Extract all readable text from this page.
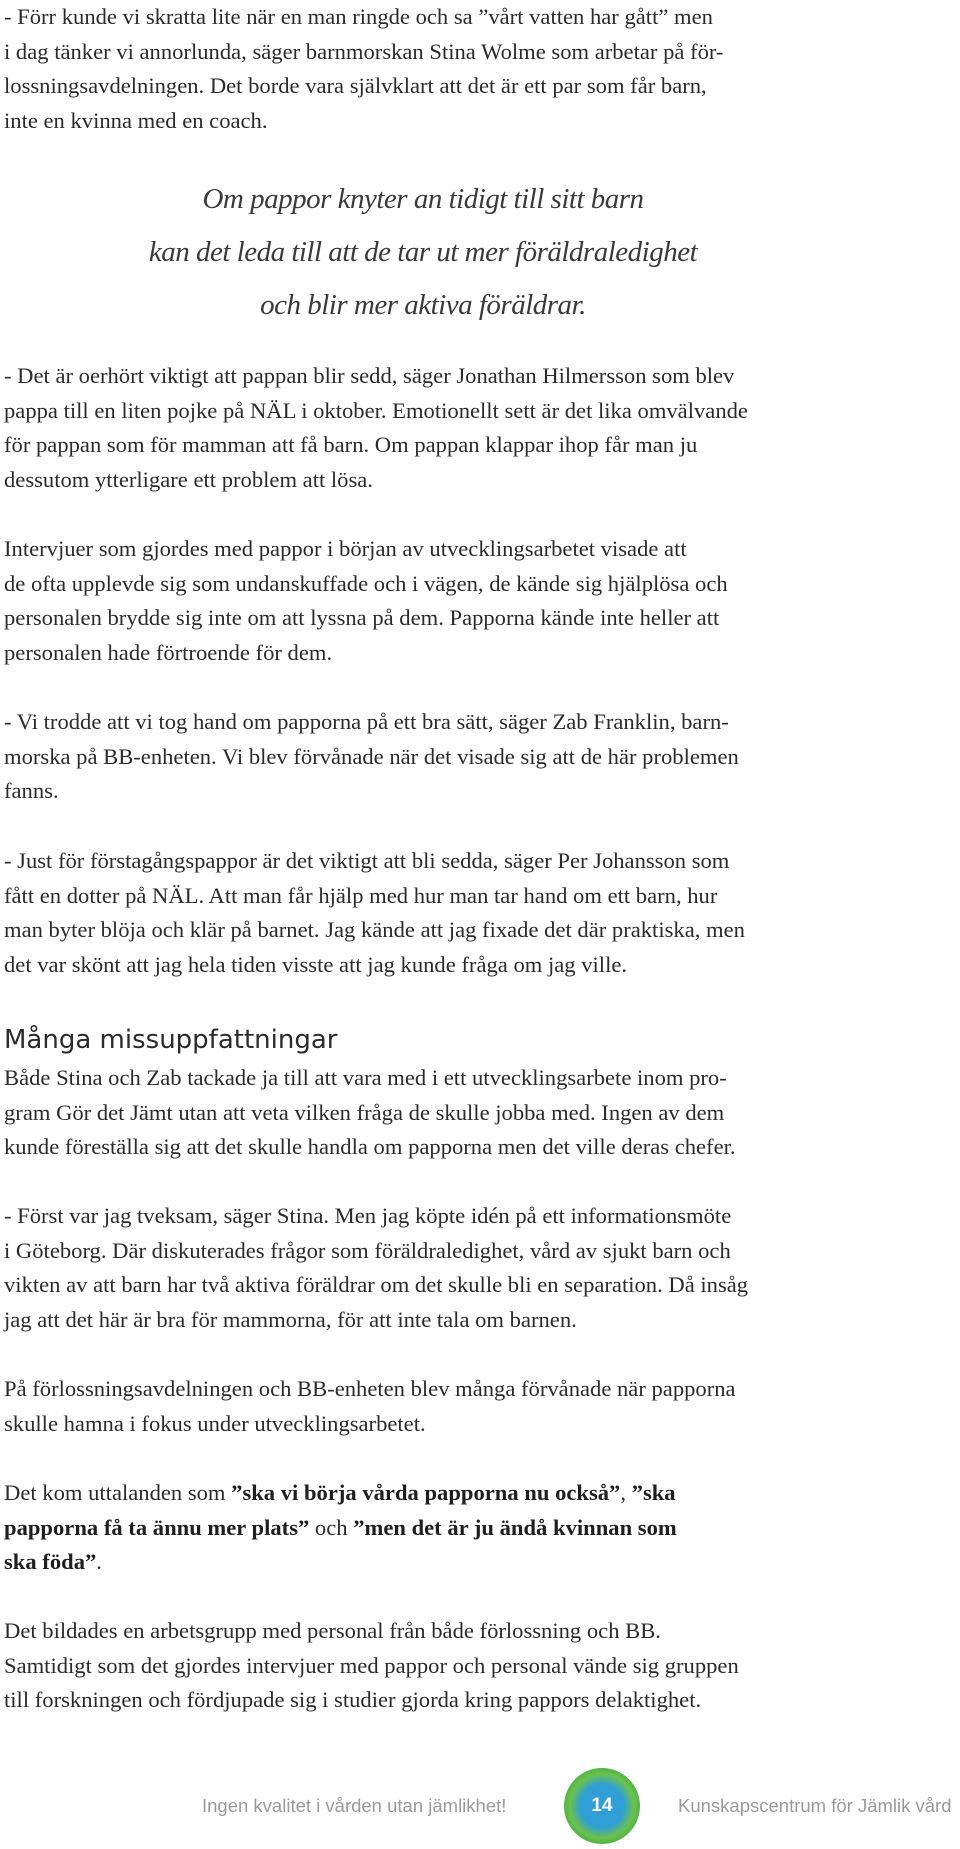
- Förr kunde vi skratta lite när en man ringde och sa ”vårt vatten har gått” men
i dag tänker vi annorlunda, säger barnmorskan Stina Wolme som arbetar på för-
lossningsavdelningen. Det borde vara självklart att det är ett par som får barn,
inte en kvinna med en coach.
Om pappor knyter an tidigt till sitt barn
kan det leda till att de tar ut mer föräldraledighet
och blir mer aktiva föräldrar.
- Det är oerhört viktigt att pappan blir sedd, säger Jonathan Hilmersson som blev
pappa till en liten pojke på NÄL i oktober. Emotionellt sett är det lika omvälvande
för pappan som för mamman att få barn. Om pappan klappar ihop får man ju
dessutom ytterligare ett problem att lösa.
Intervjuer som gjordes med pappor i början av utvecklingsarbetet visade att
de ofta upplevde sig som undanskuffade och i vägen, de kände sig hjälplösa och
personalen brydde sig inte om att lyssna på dem. Papporna kände inte heller att
personalen hade förtroende för dem.
- Vi trodde att vi tog hand om papporna på ett bra sätt, säger Zab Franklin, barn-
morska på BB-enheten. Vi blev förvånade när det visade sig att de här problemen
fanns.
- Just för förstagångspappor är det viktigt att bli sedda, säger Per Johansson som
fått en dotter på NÄL. Att man får hjälp med hur man tar hand om ett barn, hur
man byter blöja och klär på barnet. Jag kände att jag fixade det där praktiska, men
det var skönt att jag hela tiden visste att jag kunde fråga om jag ville.
Många missuppfattningar
Både Stina och Zab tackade ja till att vara med i ett utvecklingsarbete inom pro-
gram Gör det Jämt utan att veta vilken fråga de skulle jobba med. Ingen av dem
kunde föreställa sig att det skulle handla om papporna men det ville deras chefer.
- Först var jag tveksam, säger Stina. Men jag köpte idén på ett informationsmöte
i Göteborg. Där diskuterades frågor som föräldraledighet, vård av sjukt barn och
vikten av att barn har två aktiva föräldrar om det skulle bli en separation. Då insåg
jag att det här är bra för mammorna, för att inte tala om barnen.
På förlossningsavdelningen och BB-enheten blev många förvånade när papporna
skulle hamna i fokus under utvecklingsarbetet.
Det kom uttalanden som ”ska vi börja vårda papporna nu också”, ”ska
papporna få ta ännu mer plats” och ”men det är ju ändå kvinnan som
ska föda”.
Det bildades en arbetsgrupp med personal från både förlossning och BB.
Samtidigt som det gjordes intervjuer med pappor och personal vände sig gruppen
till forskningen och fördjupade sig i studier gjorda kring pappors delaktighet.
Ingen kvalitet i vården utan jämlikhet!	14	Kunskapscentrum för Jämlik vård
